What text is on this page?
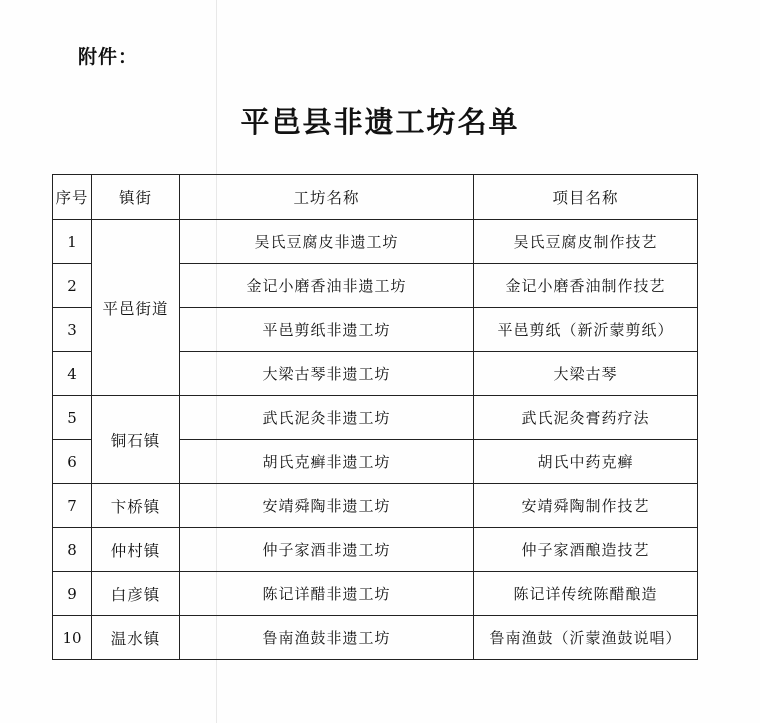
附件：
平邑县非遗工坊名单
序号	镇街	工坊名称	项目名称
1	平邑街道	吴氏豆腐皮非遗工坊	吴氏豆腐皮制作技艺
2		金记小磨香油非遗工坊	金记小磨香油制作技艺
3		平邑剪纸非遗工坊	平邑剪纸（新沂蒙剪纸）
4		大梁古琴非遗工坊	大梁古琴
5	铜石镇	武氏泥灸非遗工坊	武氏泥灸膏药疗法
6		胡氏克癣非遗工坊	胡氏中药克癣
7	卞桥镇	安靖舜陶非遗工坊	安靖舜陶制作技艺
8	仲村镇	仲子家酒非遗工坊	仲子家酒酿造技艺
9	白彦镇	陈记详醋非遗工坊	陈记详传统陈醋酿造
10	温水镇	鲁南渔鼓非遗工坊	鲁南渔鼓（沂蒙渔鼓说唱）
